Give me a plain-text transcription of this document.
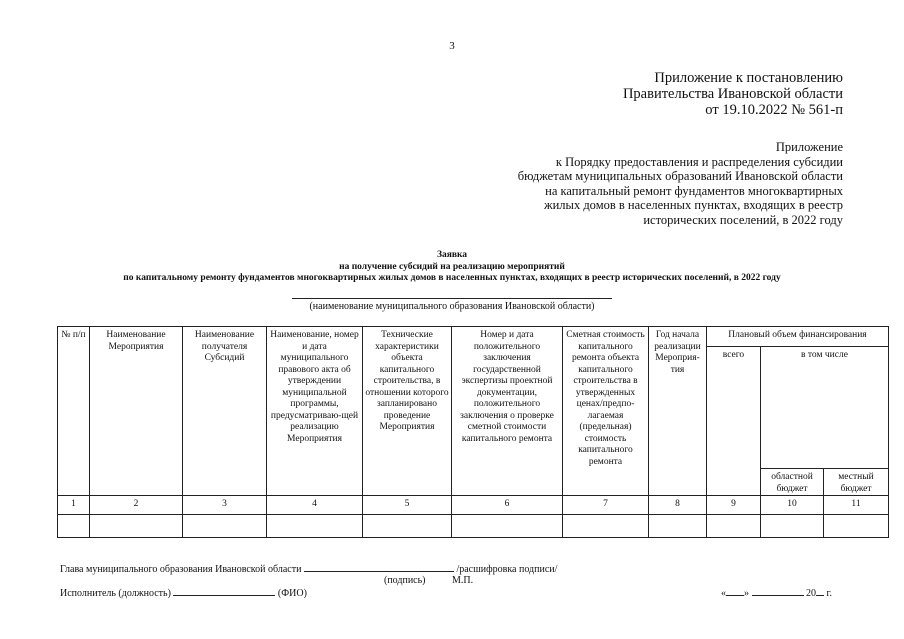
3
Приложение к постановлению
Правительства Ивановской области
от 19.10.2022 № 561-п
Приложение
к Порядку предоставления и распределения субсидии
бюджетам муниципальных образований Ивановской области
на капитальный ремонт фундаментов многоквартирных
жилых домов в населенных пунктах, входящих в реестр
исторических поселений, в 2022 году
Заявка
на получение субсидий на реализацию мероприятий
по капитальному ремонту фундаментов многоквартирных жилых домов в населенных пунктах, входящих в реестр исторических поселений, в 2022 году
(наименование муниципального образования Ивановской области)
№ п/п	Наименование Мероприятия	Наименование получателя Субсидий	Наименование, номер и дата муниципального правового акта об утверждении муниципальной программы, предусматриваю-щей реализацию Мероприятия	Технические характеристики объекта капитального строительства, в отношении которого запланировано проведение Мероприятия	Номер и дата положительного заключения государственной экспертизы проектной документации, положительного заключения о проверке сметной стоимости капитального ремонта	Сметная стоимость капитального ремонта объекта капитального строительства в утвержденных ценах/предпо-лагаемая (предельная) стоимость капитального ремонта	Год начала реализации Мероприя-тия	Плановый объем финансирования		
								всего	в том числе	
									областной бюджет	местный бюджет
1	2	3	4	5	6	7	8	9	10	11

Глава муниципального образования Ивановской области	/расшифровка подписи/
(подпись)	М.П.
Исполнитель (должность)	(ФИО)	« »	20 г.
